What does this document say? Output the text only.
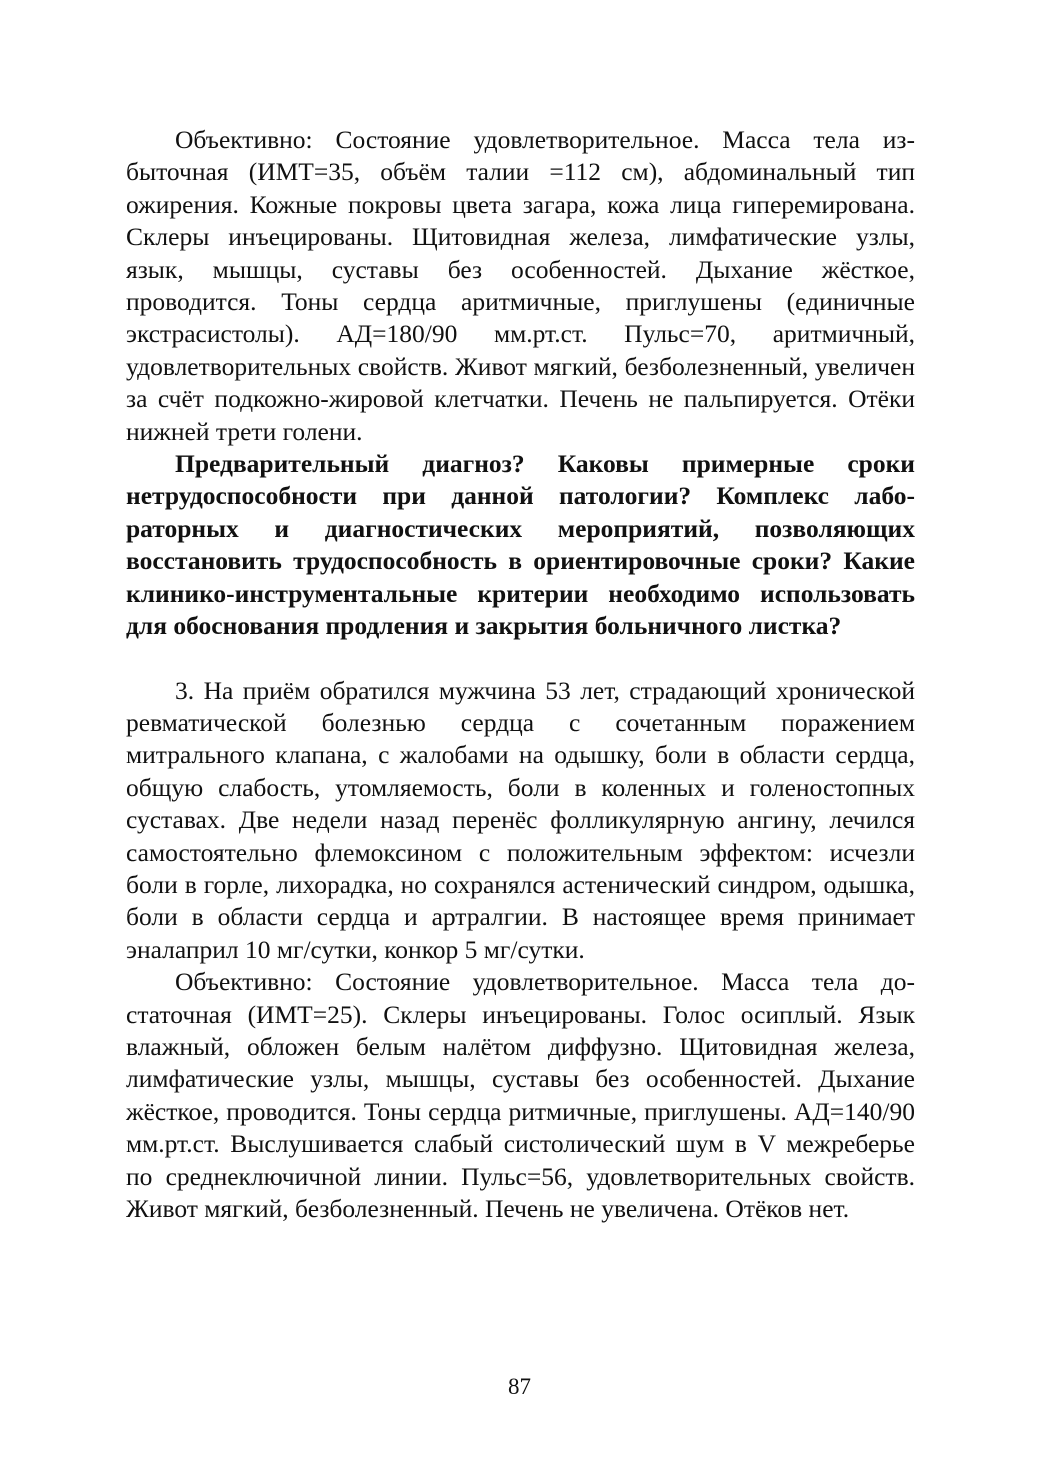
Объективно: Состояние удовлетворительное. Масса тела избыточная (ИМТ=35, объём талии =112 см), абдоминальный тип ожирения. Кожные покровы цвета загара, кожа лица гиперемирована. Склеры инъецированы. Щитовидная железа, лимфатические узлы, язык, мышцы, суставы без особенностей. Дыхание жёсткое, проводится. Тоны сердца аритмичные, приглушены (единичные экстрасистолы). АД=180/90 мм.рт.ст. Пульс=70, аритмичный, удовлетворительных свойств. Живот мягкий, безболезненный, увеличен за счёт подкожно-жировой клетчатки. Печень не пальпируется. Отёки нижней трети голени.

Предварительный диагноз? Каковы примерные сроки нетрудоспособности при данной патологии? Комплекс лабораторных и диагностических мероприятий, позволяющих восстановить трудоспособность в ориентировочные сроки? Какие клинико-инструментальные критерии необходимо использовать для обоснования продления и закрытия больничного листка?

3. На приём обратился мужчина 53 лет, страдающий хронической ревматической болезнью сердца с сочетанным поражением митрального клапана, с жалобами на одышку, боли в области сердца, общую слабость, утомляемость, боли в коленных и голеностопных суставах. Две недели назад перенёс фолликулярную ангину, лечился самостоятельно флемоксином с положительным эффектом: исчезли боли в горле, лихорадка, но сохранялся астенический синдром, одышка, боли в области сердца и артралгии. В настоящее время принимает эналаприл 10 мг/сутки, конкор 5 мг/сутки.

Объективно: Состояние удовлетворительное. Масса тела достаточная (ИМТ=25). Склеры инъецированы. Голос осиплый. Язык влажный, обложен белым налётом диффузно. Щитовидная железа, лимфатические узлы, мышцы, суставы без особенностей. Дыхание жёсткое, проводится. Тоны сердца ритмичные, приглушены. АД=140/90 мм.рт.ст. Выслушивается слабый систолический шум в V межреберье по среднеключичной линии. Пульс=56, удовлетворительных свойств. Живот мягкий, безболезненный. Печень не увеличена. Отёков нет.

87
